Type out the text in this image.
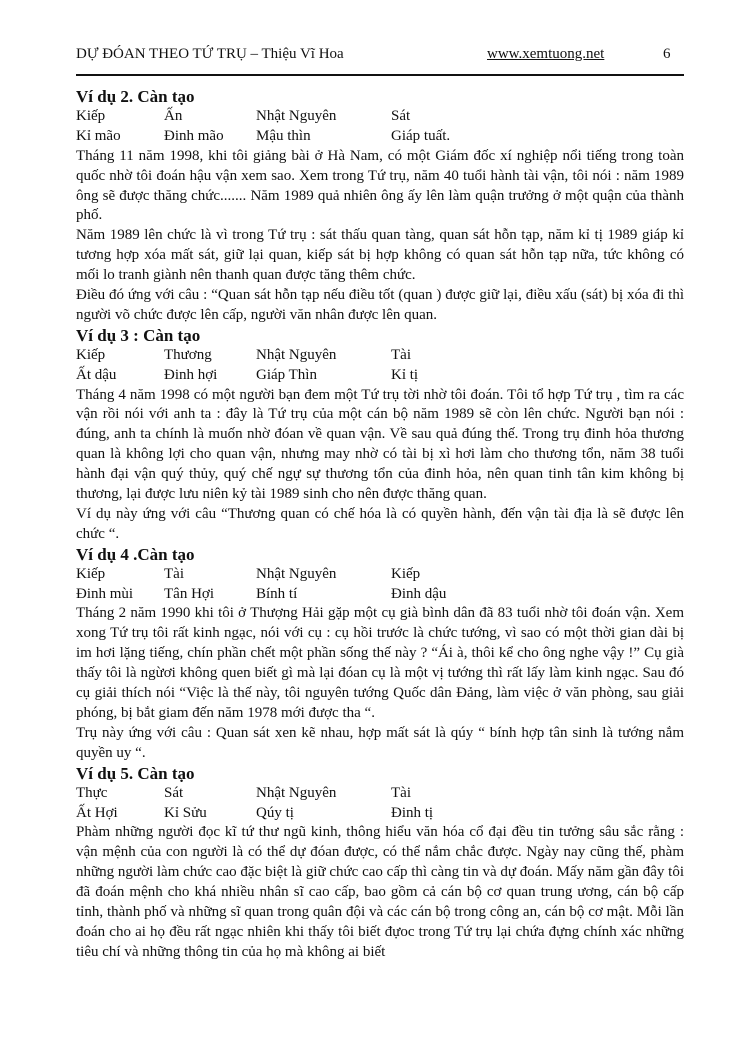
DỰ ĐÓAN THEO TỨ TRỤ – Thiệu Vĩ Hoa	www.xemtuong.net	6
Ví dụ 2. Càn tạo
Kiếp	Ấn	Nhật Nguyên	Sát
Kỉ mão	Đinh mão	Mậu thìn	Giáp tuất.

Tháng 11 năm 1998, khi tôi giảng bài ở Hà Nam, có một Giám đốc xí nghiệp nổi tiếng trong toàn quốc nhờ tôi đoán hậu vận xem sao. Xem trong Tứ trụ, năm 40 tuổi hành tài vận, tôi nói : năm 1989 ông sẽ được thăng chức....... Năm 1989 quả nhiên ông ấy lên làm quận trưởng ở một quận của thành phố.

Năm 1989 lên chức là vì trong Tứ trụ : sát thấu quan tàng, quan sát hỗn tạp, năm kỉ tị 1989 giáp kỉ tương hợp xóa mất sát, giữ lại quan, kiếp sát bị hợp không có quan sát hỗn tạp nữa, tức không có mối lo tranh giành nên thanh quan được tăng thêm chức.

Điều đó ứng với câu : “Quan sát hỗn tạp nếu điều tốt (quan ) được giữ lại, điều xấu (sát) bị xóa đi thì người võ chức được lên cấp, người văn nhân được lên quan.

Ví dụ 3 : Càn tạo
Kiếp	Thương	Nhật Nguyên	Tài
Ất dậu	Đinh hợi	Giáp Thìn	Kỉ tị

Tháng 4 năm 1998 có một người bạn đem một Tứ trụ tời nhờ tôi đoán. Tôi tổ hợp Tứ trụ , tìm ra các vận rồi nói với anh ta : đây là Tứ trụ của một cán bộ năm 1989 sẽ còn lên chức. Người bạn nói : đúng, anh ta chính là muốn nhờ đóan về quan vận. Về sau quả đúng thế. Trong trụ đinh hỏa thương quan là không lợi cho quan vận, nhưng may nhờ có tài bị xì hơi làm cho thương tổn, năm 38 tuổi hành đại vận quý thủy, quý chế ngự sự thương tổn của đinh hỏa, nên quan tinh tân kim không bị thương, lại được lưu niên kỷ tài 1989 sinh cho nên được thăng quan.

Ví dụ này ứng với câu “Thương quan có chế hóa là có quyền hành, đến vận tài địa là sẽ được lên chức “.

Ví dụ 4 .Càn tạo
Kiếp	Tài	Nhật Nguyên	Kiếp
Đinh mùi	Tân Hợi	Bính tí	Đinh dậu

Tháng 2 năm 1990 khi tôi ở Thượng Hải gặp một cụ già bình dân đã 83 tuổi nhờ tôi đoán vận. Xem xong Tứ trụ tôi rất kinh ngạc, nói với cụ : cụ hồi trước là chức tướng, vì sao có một thời gian dài bị im hơi lặng tiếng, chín phần chết một phần sống thế này ? “Ái à, thôi kể cho ông nghe vậy !” Cụ già thấy tôi là ngừơi không quen biết gì mà lại đóan cụ là một vị tướng thì rất lấy làm kinh ngạc. Sau đó cụ giải thích nói “Việc là thế này, tôi nguyên tướng Quốc dân Đảng, làm việc ở văn phòng, sau giải phóng, bị bắt giam đến năm 1978 mới được tha “.

Trụ này ứng với câu : Quan sát xen kẽ nhau, hợp mất sát là qúy “ bính hợp tân sinh là tướng nắm quyền uy “.

Ví dụ 5. Càn tạo
Thực	Sát	Nhật Nguyên	Tài
Ất Hợi	Kỉ Sửu	Qúy tị	Đinh tị

Phàm những người đọc kĩ tứ thư ngũ kinh, thông hiểu văn hóa cổ đại đều tin tưởng sâu sắc rằng : vận mệnh của con người là có thể dự đóan được, có thể nắm chắc được. Ngày nay cũng thế, phàm những người làm chức cao đặc biệt là giữ chức cao cấp thì càng tin và dự đoán. Mấy năm gần đây tôi đã đoán mệnh cho khá nhiều nhân sĩ cao cấp, bao gồm cả cán bộ cơ quan trung ương, cán bộ cấp tỉnh, thành phố và những sĩ quan trong quân đội và các cán bộ trong công an, cán bộ cơ mật. Mỗi lần đoán cho ai họ đều rất ngạc nhiên khi thấy tôi biết đựoc trong Tứ trụ lại chứa đựng chính xác những tiêu chí và những thông tin của họ mà không ai biết
